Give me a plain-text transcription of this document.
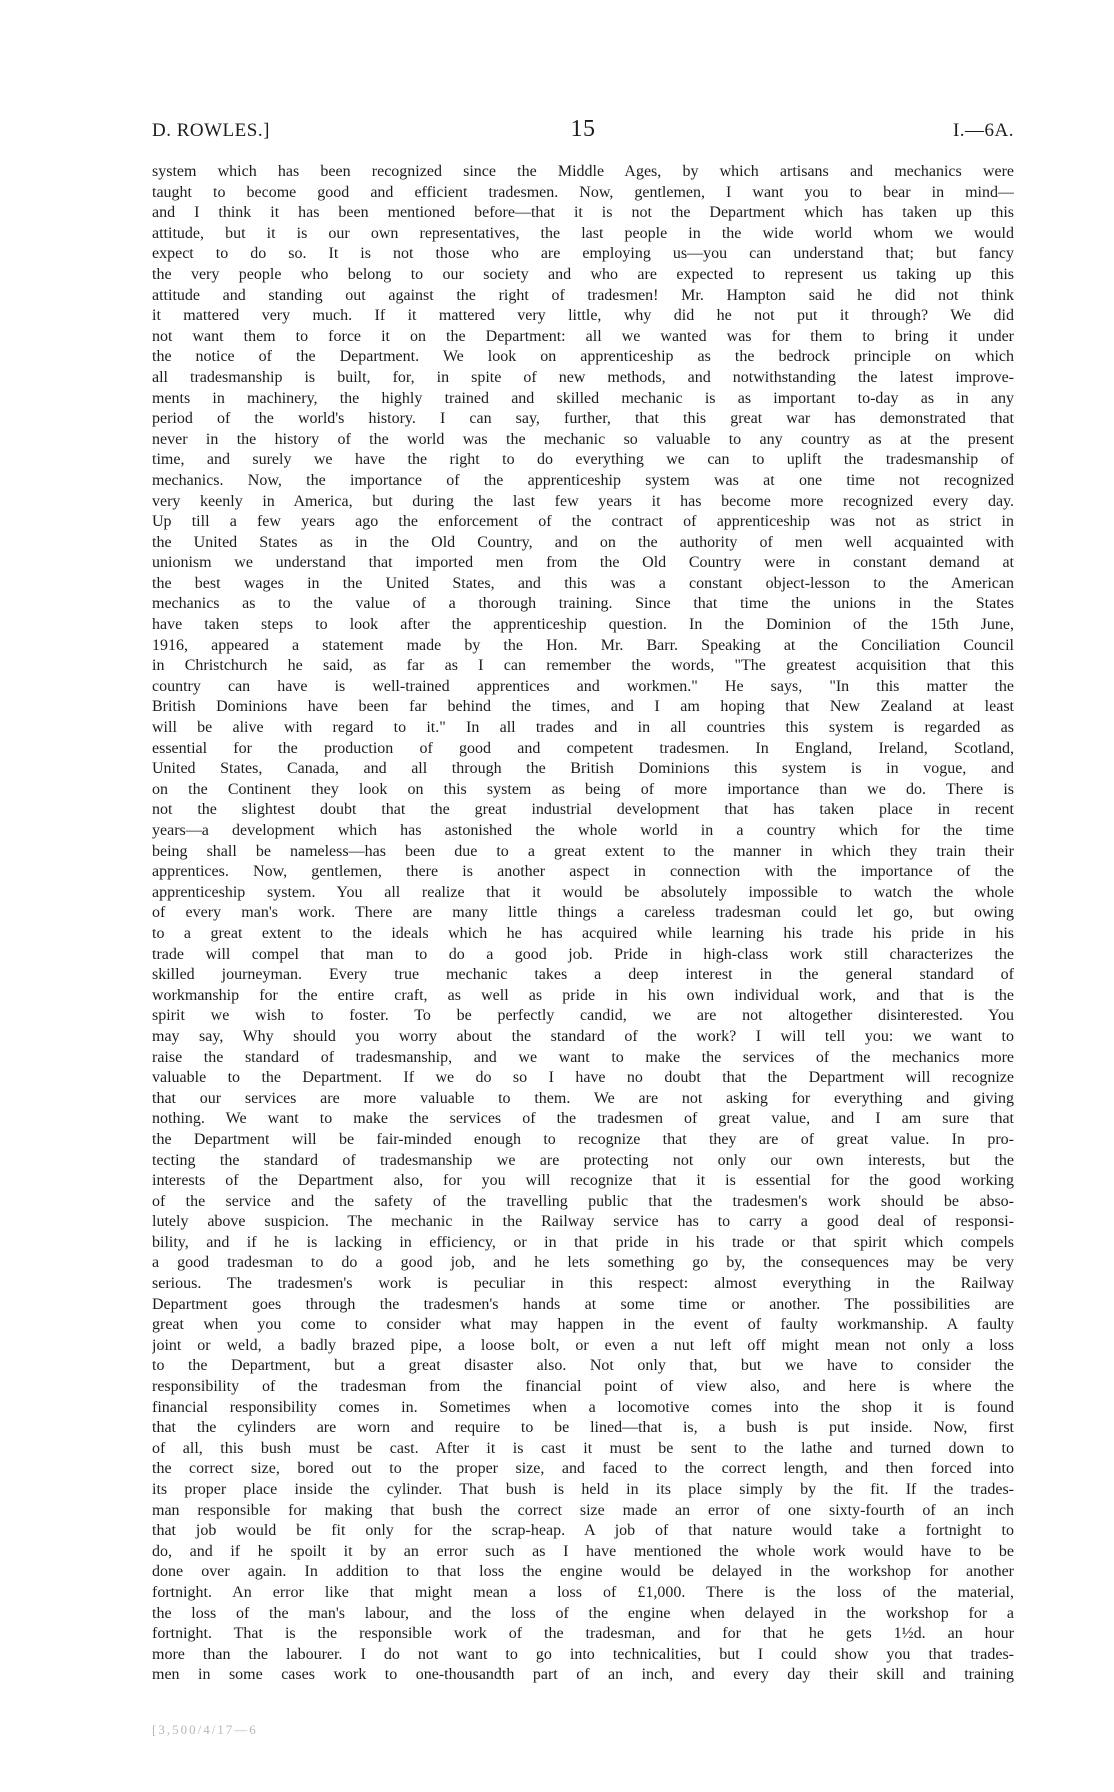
D. ROWLES.]	15	I.—6A.
system which has been recognized since the Middle Ages, by which artisans and mechanics were
taught to become good and efficient tradesmen. Now, gentlemen, I want you to bear in mind—
and I think it has been mentioned before—that it is not the Department which has taken up this
attitude, but it is our own representatives, the last people in the wide world whom we would
expect to do so. It is not those who are employing us—you can understand that; but fancy
the very people who belong to our society and who are expected to represent us taking up this
attitude and standing out against the right of tradesmen! Mr. Hampton said he did not think
it mattered very much. If it mattered very little, why did he not put it through? We did
not want them to force it on the Department: all we wanted was for them to bring it under
the notice of the Department. We look on apprenticeship as the bedrock principle on which
all tradesmanship is built, for, in spite of new methods, and notwithstanding the latest improve-
ments in machinery, the highly trained and skilled mechanic is as important to-day as in any
period of the world's history. I can say, further, that this great war has demonstrated that
never in the history of the world was the mechanic so valuable to any country as at the present
time, and surely we have the right to do everything we can to uplift the tradesmanship of
mechanics. Now, the importance of the apprenticeship system was at one time not recognized
very keenly in America, but during the last few years it has become more recognized every day.
Up till a few years ago the enforcement of the contract of apprenticeship was not as strict in
the United States as in the Old Country, and on the authority of men well acquainted with
unionism we understand that imported men from the Old Country were in constant demand at
the best wages in the United States, and this was a constant object-lesson to the American
mechanics as to the value of a thorough training. Since that time the unions in the States
have taken steps to look after the apprenticeship question. In the Dominion of the 15th June,
1916, appeared a statement made by the Hon. Mr. Barr. Speaking at the Conciliation Council
in Christchurch he said, as far as I can remember the words, "The greatest acquisition that this
country can have is well-trained apprentices and workmen." He says, "In this matter the
British Dominions have been far behind the times, and I am hoping that New Zealand at least
will be alive with regard to it." In all trades and in all countries this system is regarded as
essential for the production of good and competent tradesmen. In England, Ireland, Scotland,
United States, Canada, and all through the British Dominions this system is in vogue, and
on the Continent they look on this system as being of more importance than we do. There is
not the slightest doubt that the great industrial development that has taken place in recent
years—a development which has astonished the whole world in a country which for the time
being shall be nameless—has been due to a great extent to the manner in which they train their
apprentices. Now, gentlemen, there is another aspect in connection with the importance of the
apprenticeship system. You all realize that it would be absolutely impossible to watch the whole
of every man's work. There are many little things a careless tradesman could let go, but owing
to a great extent to the ideals which he has acquired while learning his trade his pride in his
trade will compel that man to do a good job. Pride in high-class work still characterizes the
skilled journeyman. Every true mechanic takes a deep interest in the general standard of
workmanship for the entire craft, as well as pride in his own individual work, and that is the
spirit we wish to foster. To be perfectly candid, we are not altogether disinterested. You
may say, Why should you worry about the standard of the work? I will tell you: we want to
raise the standard of tradesmanship, and we want to make the services of the mechanics more
valuable to the Department. If we do so I have no doubt that the Department will recognize
that our services are more valuable to them. We are not asking for everything and giving
nothing. We want to make the services of the tradesmen of great value, and I am sure that
the Department will be fair-minded enough to recognize that they are of great value. In pro-
tecting the standard of tradesmanship we are protecting not only our own interests, but the
interests of the Department also, for you will recognize that it is essential for the good working
of the service and the safety of the travelling public that the tradesmen's work should be abso-
lutely above suspicion. The mechanic in the Railway service has to carry a good deal of responsi-
bility, and if he is lacking in efficiency, or in that pride in his trade or that spirit which compels
a good tradesman to do a good job, and he lets something go by, the consequences may be very
serious. The tradesmen's work is peculiar in this respect: almost everything in the Railway
Department goes through the tradesmen's hands at some time or another. The possibilities are
great when you come to consider what may happen in the event of faulty workmanship. A faulty
joint or weld, a badly brazed pipe, a loose bolt, or even a nut left off might mean not only a loss
to the Department, but a great disaster also. Not only that, but we have to consider the
responsibility of the tradesman from the financial point of view also, and here is where the
financial responsibility comes in. Sometimes when a locomotive comes into the shop it is found
that the cylinders are worn and require to be lined—that is, a bush is put inside. Now, first
of all, this bush must be cast. After it is cast it must be sent to the lathe and turned down to
the correct size, bored out to the proper size, and faced to the correct length, and then forced into
its proper place inside the cylinder. That bush is held in its place simply by the fit. If the trades-
man responsible for making that bush the correct size made an error of one sixty-fourth of an inch
that job would be fit only for the scrap-heap. A job of that nature would take a fortnight to
do, and if he spoilt it by an error such as I have mentioned the whole work would have to be
done over again. In addition to that loss the engine would be delayed in the workshop for another
fortnight. An error like that might mean a loss of £1,000. There is the loss of the material,
the loss of the man's labour, and the loss of the engine when delayed in the workshop for a
fortnight. That is the responsible work of the tradesman, and for that he gets 1½d. an hour
more than the labourer. I do not want to go into technicalities, but I could show you that trades-
men in some cases work to one-thousandth part of an inch, and every day their skill and training
[3,500/4/17—6
